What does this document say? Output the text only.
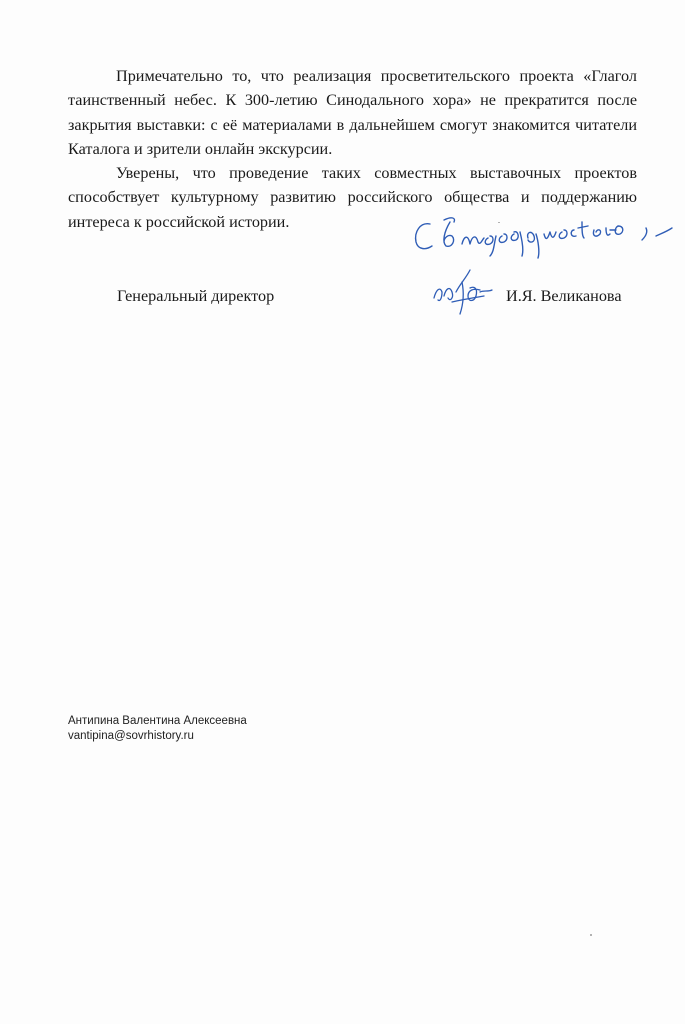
Примечательно то, что реализация просветительского проекта «Глагол таинственный небес. К 300-летию Синодального хора» не прекратится после закрытия выставки: с её материалами в дальнейшем смогут знакомится читатели Каталога и зрители онлайн экскурсии.

Уверены, что проведение таких совместных выставочных проектов способствует культурному развитию российского общества и поддержанию интереса к российской истории.

Генеральный директор	И.Я. Великанова
Антипина Валентина Алексеевна
vantipina@sovrhistory.ru
